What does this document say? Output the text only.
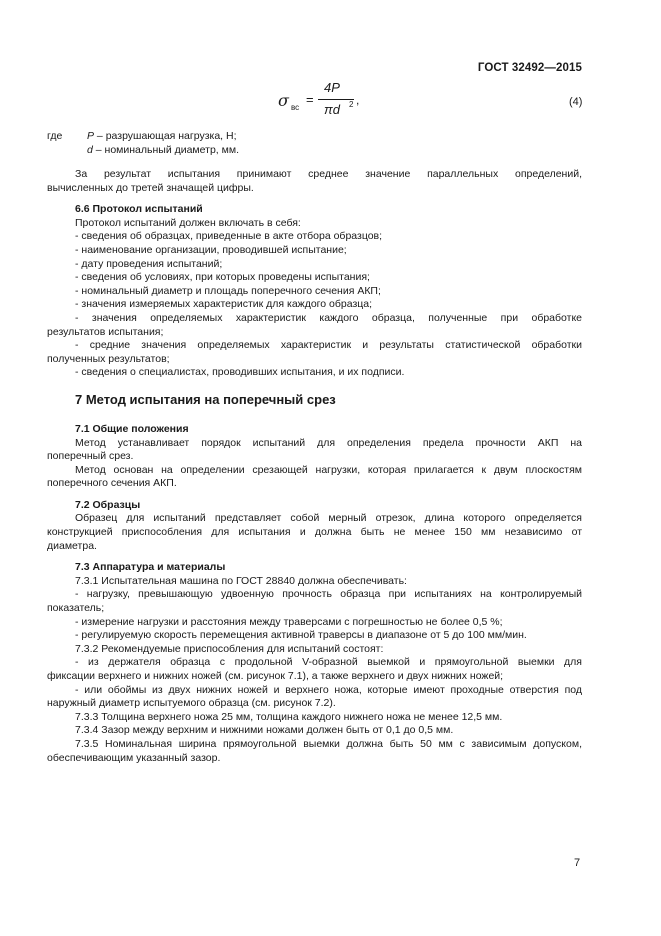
ГОСТ 32492—2015
σ вс
=
4P
πd 2 ,	(4)
где P – разрушающая нагрузка, Н;
d – номинальный диаметр, мм.

За результат испытания принимают среднее значение параллельных определений,

вычисленных до третей значащей цифры.

6.6 Протокол испытаний

Протокол испытаний должен включать в себя:

- сведения об образцах, приведенные в акте отбора образцов;

- наименование организации, проводившей испытание;

- дату проведения испытаний;

- сведения об условиях, при которых проведены испытания;

- номинальный диаметр и площадь поперечного сечения АКП;

- значения измеряемых характеристик для каждого образца;

- значения определяемых характеристик каждого образца, полученные при обработке

результатов испытания;

- средние значения определяемых характеристик и результаты статистической обработки

полученных результатов;

- сведения о специалистах, проводивших испытания, и их подписи.

7 Метод испытания на поперечный срез
7.1 Общие положения

Метод устанавливает порядок испытаний для определения предела прочности АКП на

поперечный срез.

Метод основан на определении срезающей нагрузки, которая прилагается к двум плоскостям

поперечного сечения АКП.

7.2 Образцы

Образец для испытаний представляет собой мерный отрезок, длина которого определяется

конструкцией приспособления для испытания и должна быть не менее 150 мм независимо от

диаметра.

7.3 Аппаратура и материалы

7.3.1 Испытательная машина по ГОСТ 28840 должна обеспечивать:

- нагрузку, превышающую удвоенную прочность образца при испытаниях на контролируемый

показатель;

- измерение нагрузки и расстояния между траверсами с погрешностью не более 0,5 %;

- регулируемую скорость перемещения активной траверсы в диапазоне от 5 до 100 мм/мин.

7.3.2 Рекомендуемые приспособления для испытаний состоят:

- из держателя образца с продольной V-образной выемкой и прямоугольной выемки для

фиксации верхнего и нижних ножей (см. рисунок 7.1), а также верхнего и двух нижних ножей;

- или обоймы из двух нижних ножей и верхнего ножа, которые имеют проходные отверстия под

наружный диаметр испытуемого образца (см. рисунок 7.2).

7.3.3 Толщина верхнего ножа 25 мм, толщина каждого нижнего ножа не менее 12,5 мм.

7.3.4 Зазор между верхним и нижними ножами должен быть от 0,1 до 0,5 мм.

7.3.5 Номинальная ширина прямоугольной выемки должна быть 50 мм с зависимым допуском,

обеспечивающим указанный зазор.

7
